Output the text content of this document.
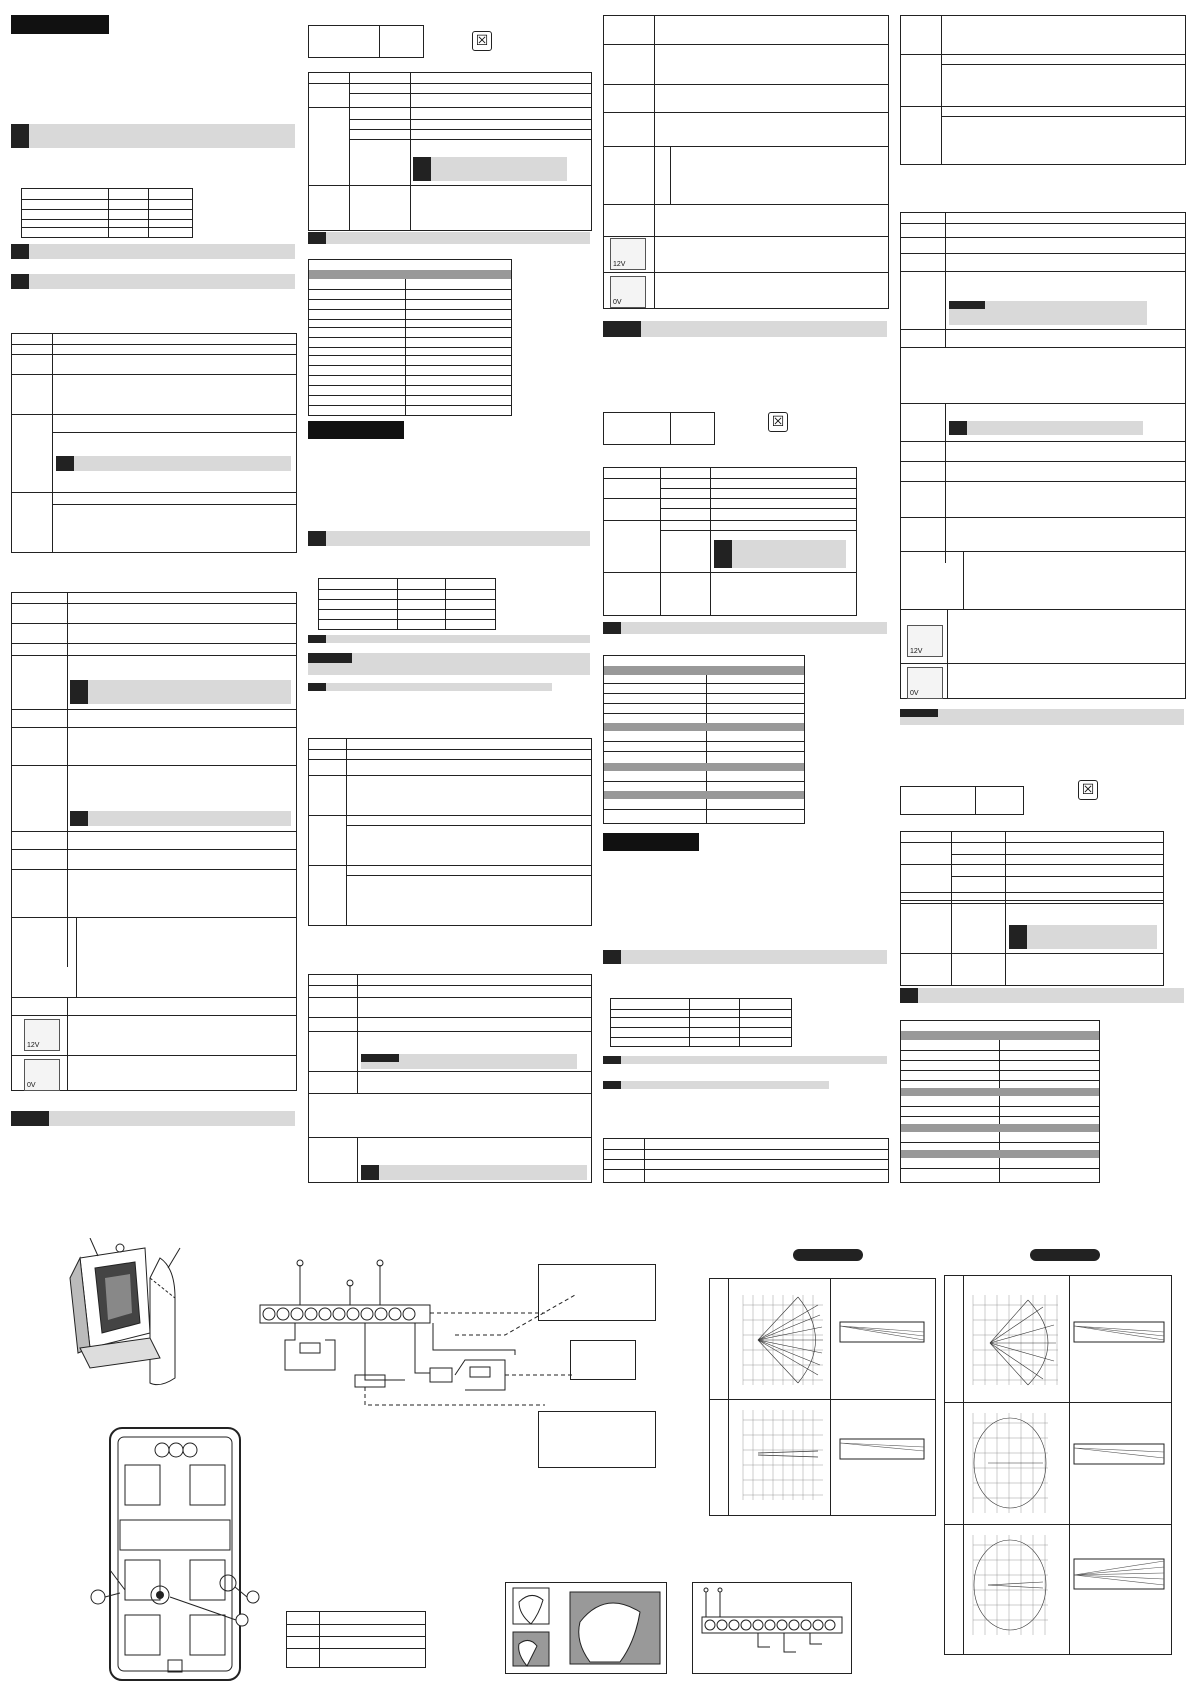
12V
0V
☒
12V
0V
☒
12V
0V
☒
